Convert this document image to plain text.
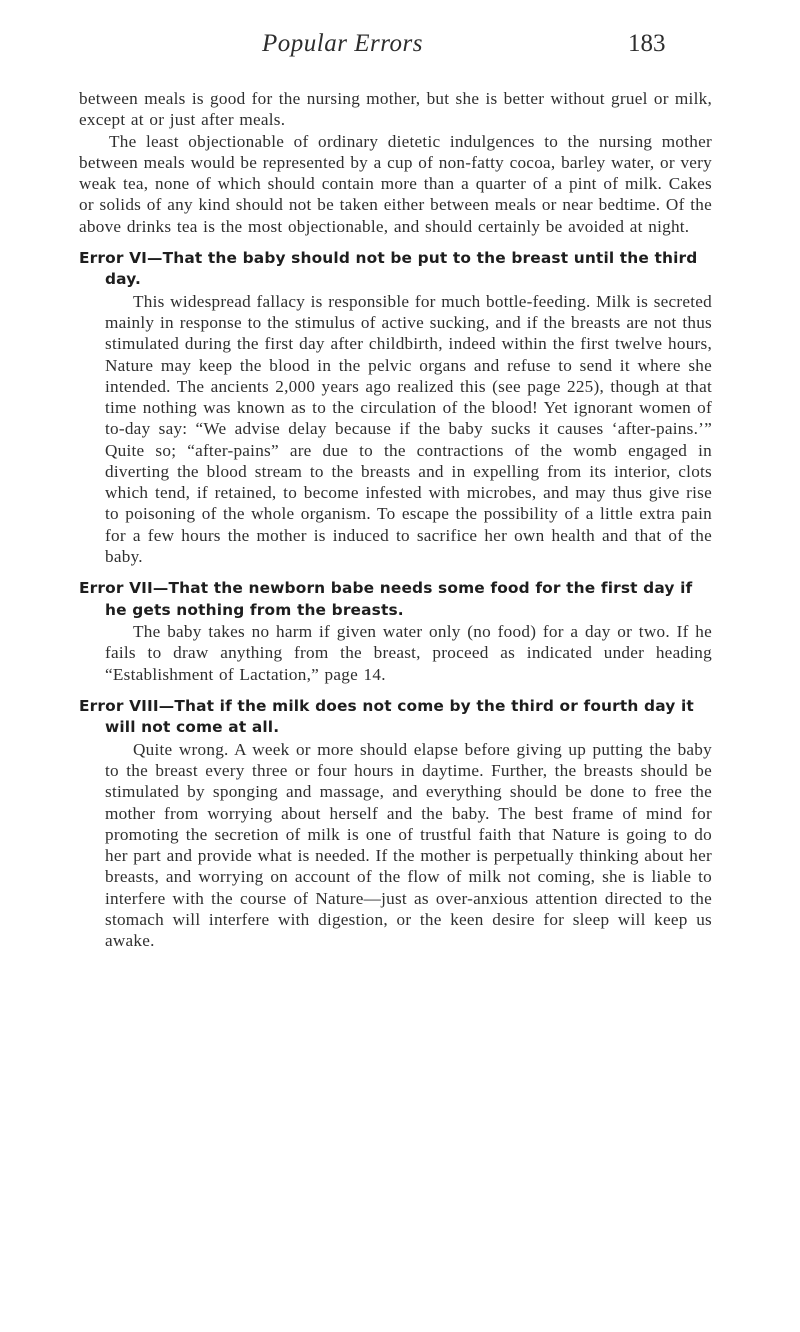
Popular Errors	183

between meals is good for the nursing mother, but she is better without gruel or milk, except at or just after meals.

The least objectionable of ordinary dietetic indulgences to the nursing mother between meals would be represented by a cup of non-fatty cocoa, barley water, or very weak tea, none of which should contain more than a quarter of a pint of milk. Cakes or solids of any kind should not be taken either between meals or near bedtime. Of the above drinks tea is the most objectionable, and should certainly be avoided at night.

Error VI—That the baby should not be put to the breast until the third day.

This widespread fallacy is responsible for much bottle-feeding. Milk is secreted mainly in response to the stimulus of active sucking, and if the breasts are not thus stimulated during the first day after childbirth, indeed within the first twelve hours, Nature may keep the blood in the pelvic organs and refuse to send it where she intended. The ancients 2,000 years ago realized this (see page 225), though at that time nothing was known as to the circulation of the blood! Yet ignorant women of to-day say: “We advise delay because if the baby sucks it causes ‘after-pains.’” Quite so; “after-pains” are due to the contractions of the womb engaged in diverting the blood stream to the breasts and in expelling from its interior, clots which tend, if retained, to become infested with microbes, and may thus give rise to poisoning of the whole organism. To escape the possibility of a little extra pain for a few hours the mother is induced to sacrifice her own health and that of the baby.

Error VII—That the newborn babe needs some food for the first day if he gets nothing from the breasts.

The baby takes no harm if given water only (no food) for a day or two. If he fails to draw anything from the breast, proceed as indicated under heading “Establishment of Lactation,” page 14.

Error VIII—That if the milk does not come by the third or fourth day it will not come at all.

Quite wrong. A week or more should elapse before giving up putting the baby to the breast every three or four hours in daytime. Further, the breasts should be stimulated by sponging and massage, and everything should be done to free the mother from worrying about herself and the baby. The best frame of mind for promoting the secretion of milk is one of trustful faith that Nature is going to do her part and provide what is needed. If the mother is perpetually thinking about her breasts, and worrying on account of the flow of milk not coming, she is liable to interfere with the course of Nature—just as over-anxious attention directed to the stomach will interfere with digestion, or the keen desire for sleep will keep us awake.
